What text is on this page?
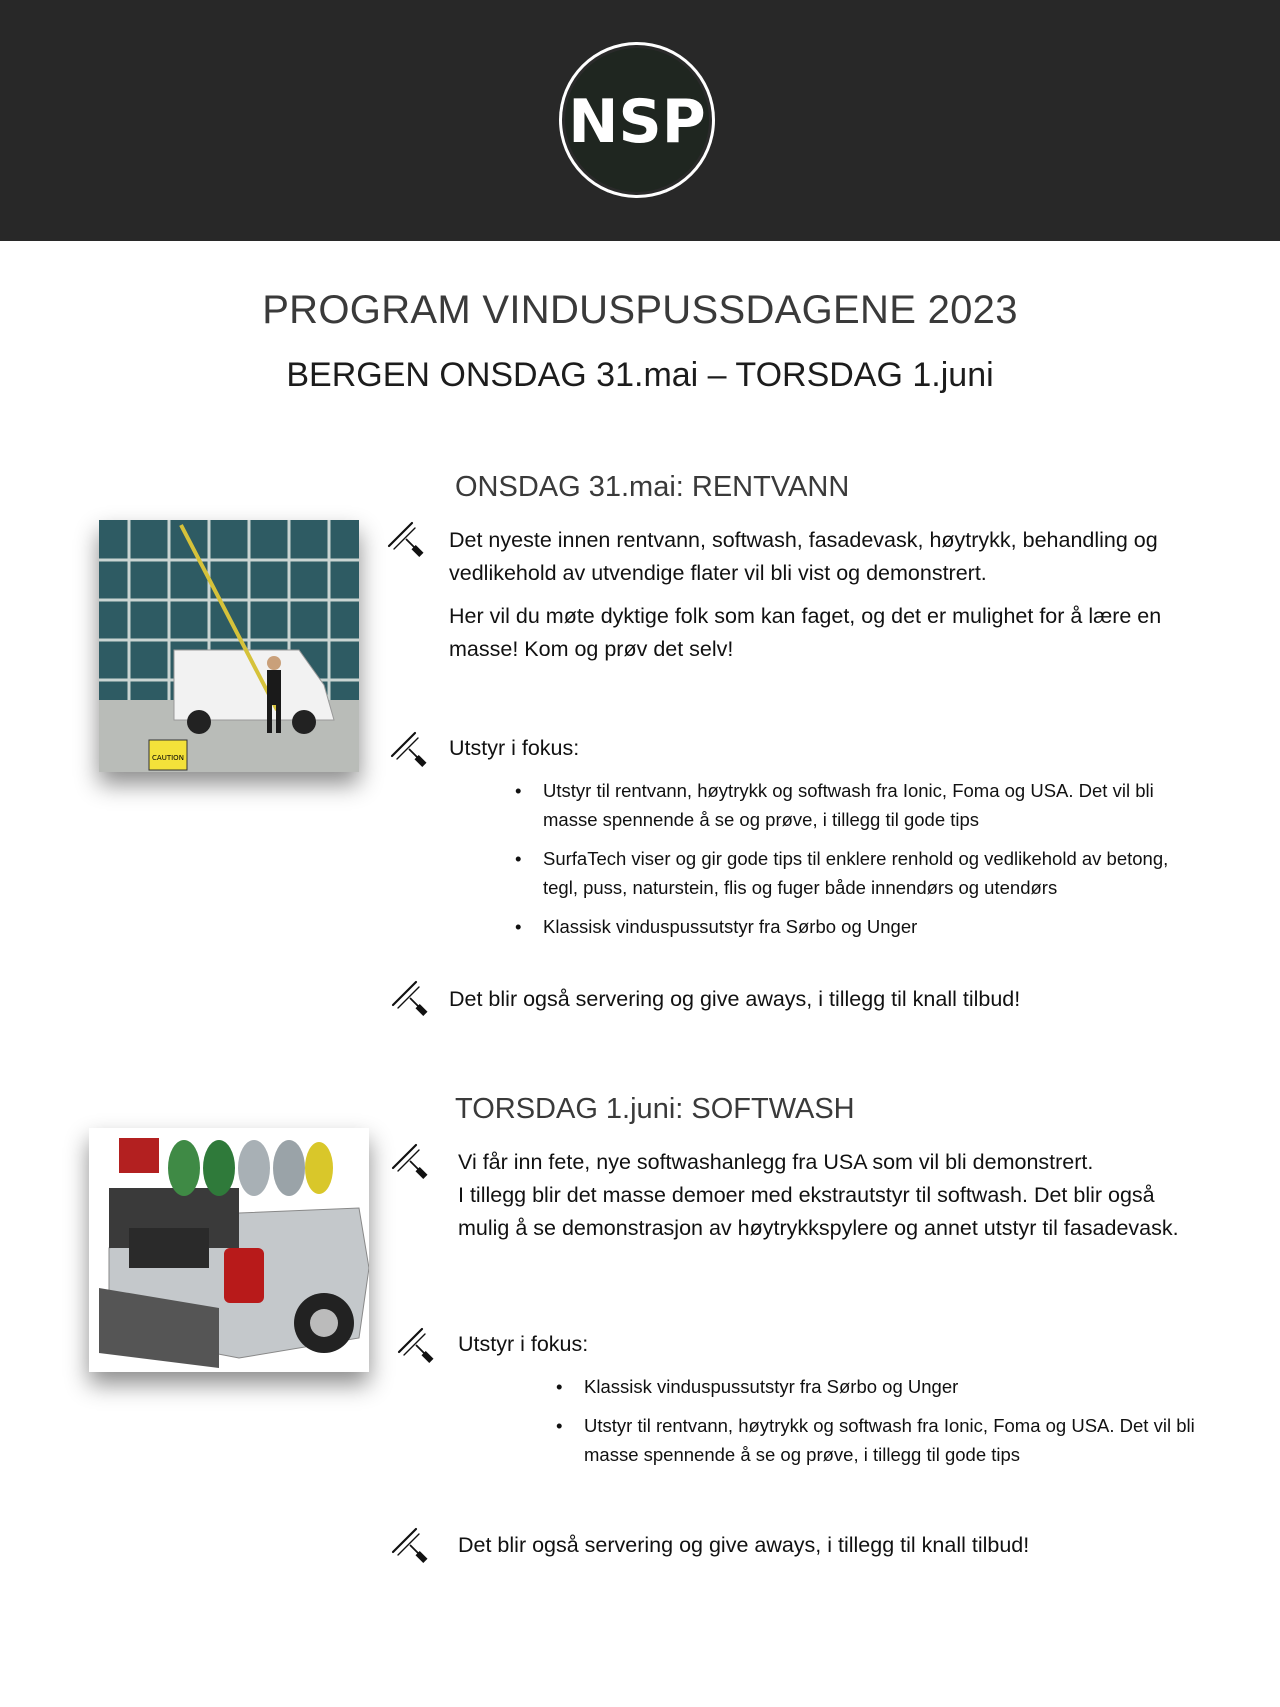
NSP
PROGRAM VINDUSPUSSDAGENE 2023
BERGEN ONSDAG 31.mai – TORSDAG 1.juni
ONSDAG 31.mai: RENTVANN
CAUTION

Det nyeste innen rentvann, softwash, fasadevask, høytrykk, behandling og

vedlikehold av utvendige flater vil bli vist og demonstrert.

Her vil du møte dyktige folk som kan faget, og det er mulighet for å lære en

masse! Kom og prøv det selv!

Utstyr i fokus:

• Utstyr til rentvann, høytrykk og softwash fra Ionic, Foma og USA. Det vil bli
masse spennende å se og prøve, i tillegg til gode tips
• SurfaTech viser og gir gode tips til enklere renhold og vedlikehold av betong,
tegl, puss, naturstein, flis og fuger både innendørs og utendørs
• Klassisk vinduspussutstyr fra Sørbo og Unger

Det blir også servering og give aways, i tillegg til knall tilbud!

TORSDAG 1.juni: SOFTWASH

Vi får inn fete, nye softwashanlegg fra USA som vil bli demonstrert.

I tillegg blir det masse demoer med ekstrautstyr til softwash. Det blir også

mulig å se demonstrasjon av høytrykkspylere og annet utstyr til fasadevask.

Utstyr i fokus:

• Klassisk vinduspussutstyr fra Sørbo og Unger
• Utstyr til rentvann, høytrykk og softwash fra Ionic, Foma og USA. Det vil bli
masse spennende å se og prøve, i tillegg til gode tips

Det blir også servering og give aways, i tillegg til knall tilbud!
